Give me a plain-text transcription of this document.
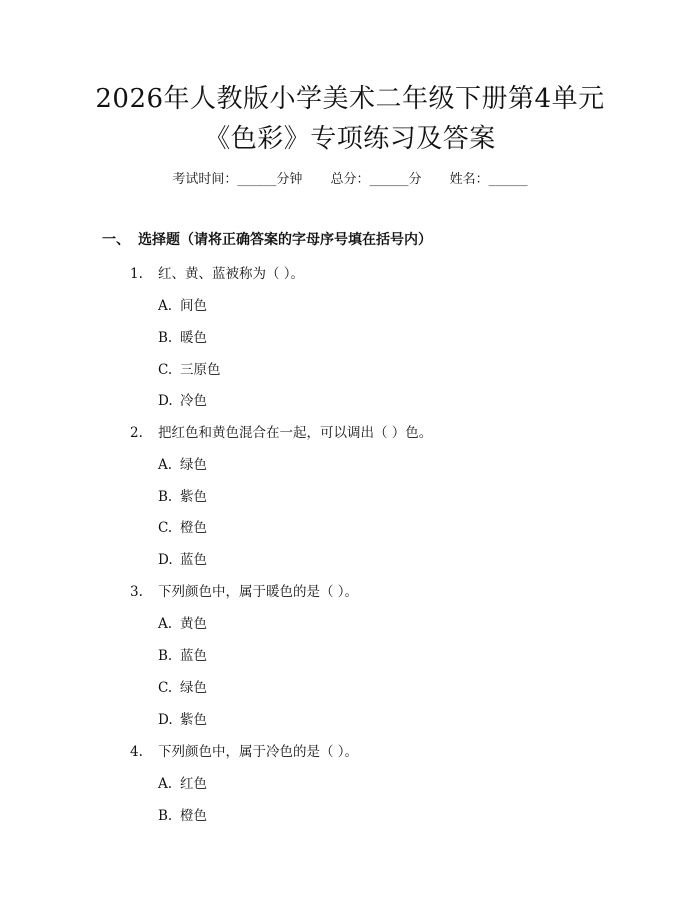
2026年人教版小学美术二年级下册第4单元
《色彩》专项练习及答案
考试时间：______分钟 总分：______分 姓名：______
一、 选择题（请将正确答案的字母序号填在括号内）
1. 红、黄、蓝被称为（ ）。
A. 间色
B. 暖色
C. 三原色
D. 冷色
2. 把红色和黄色混合在一起，可以调出（ ）色。
A. 绿色
B. 紫色
C. 橙色
D. 蓝色
3. 下列颜色中，属于暖色的是（ ）。
A. 黄色
B. 蓝色
C. 绿色
D. 紫色
4. 下列颜色中，属于冷色的是（ ）。
A. 红色
B. 橙色
